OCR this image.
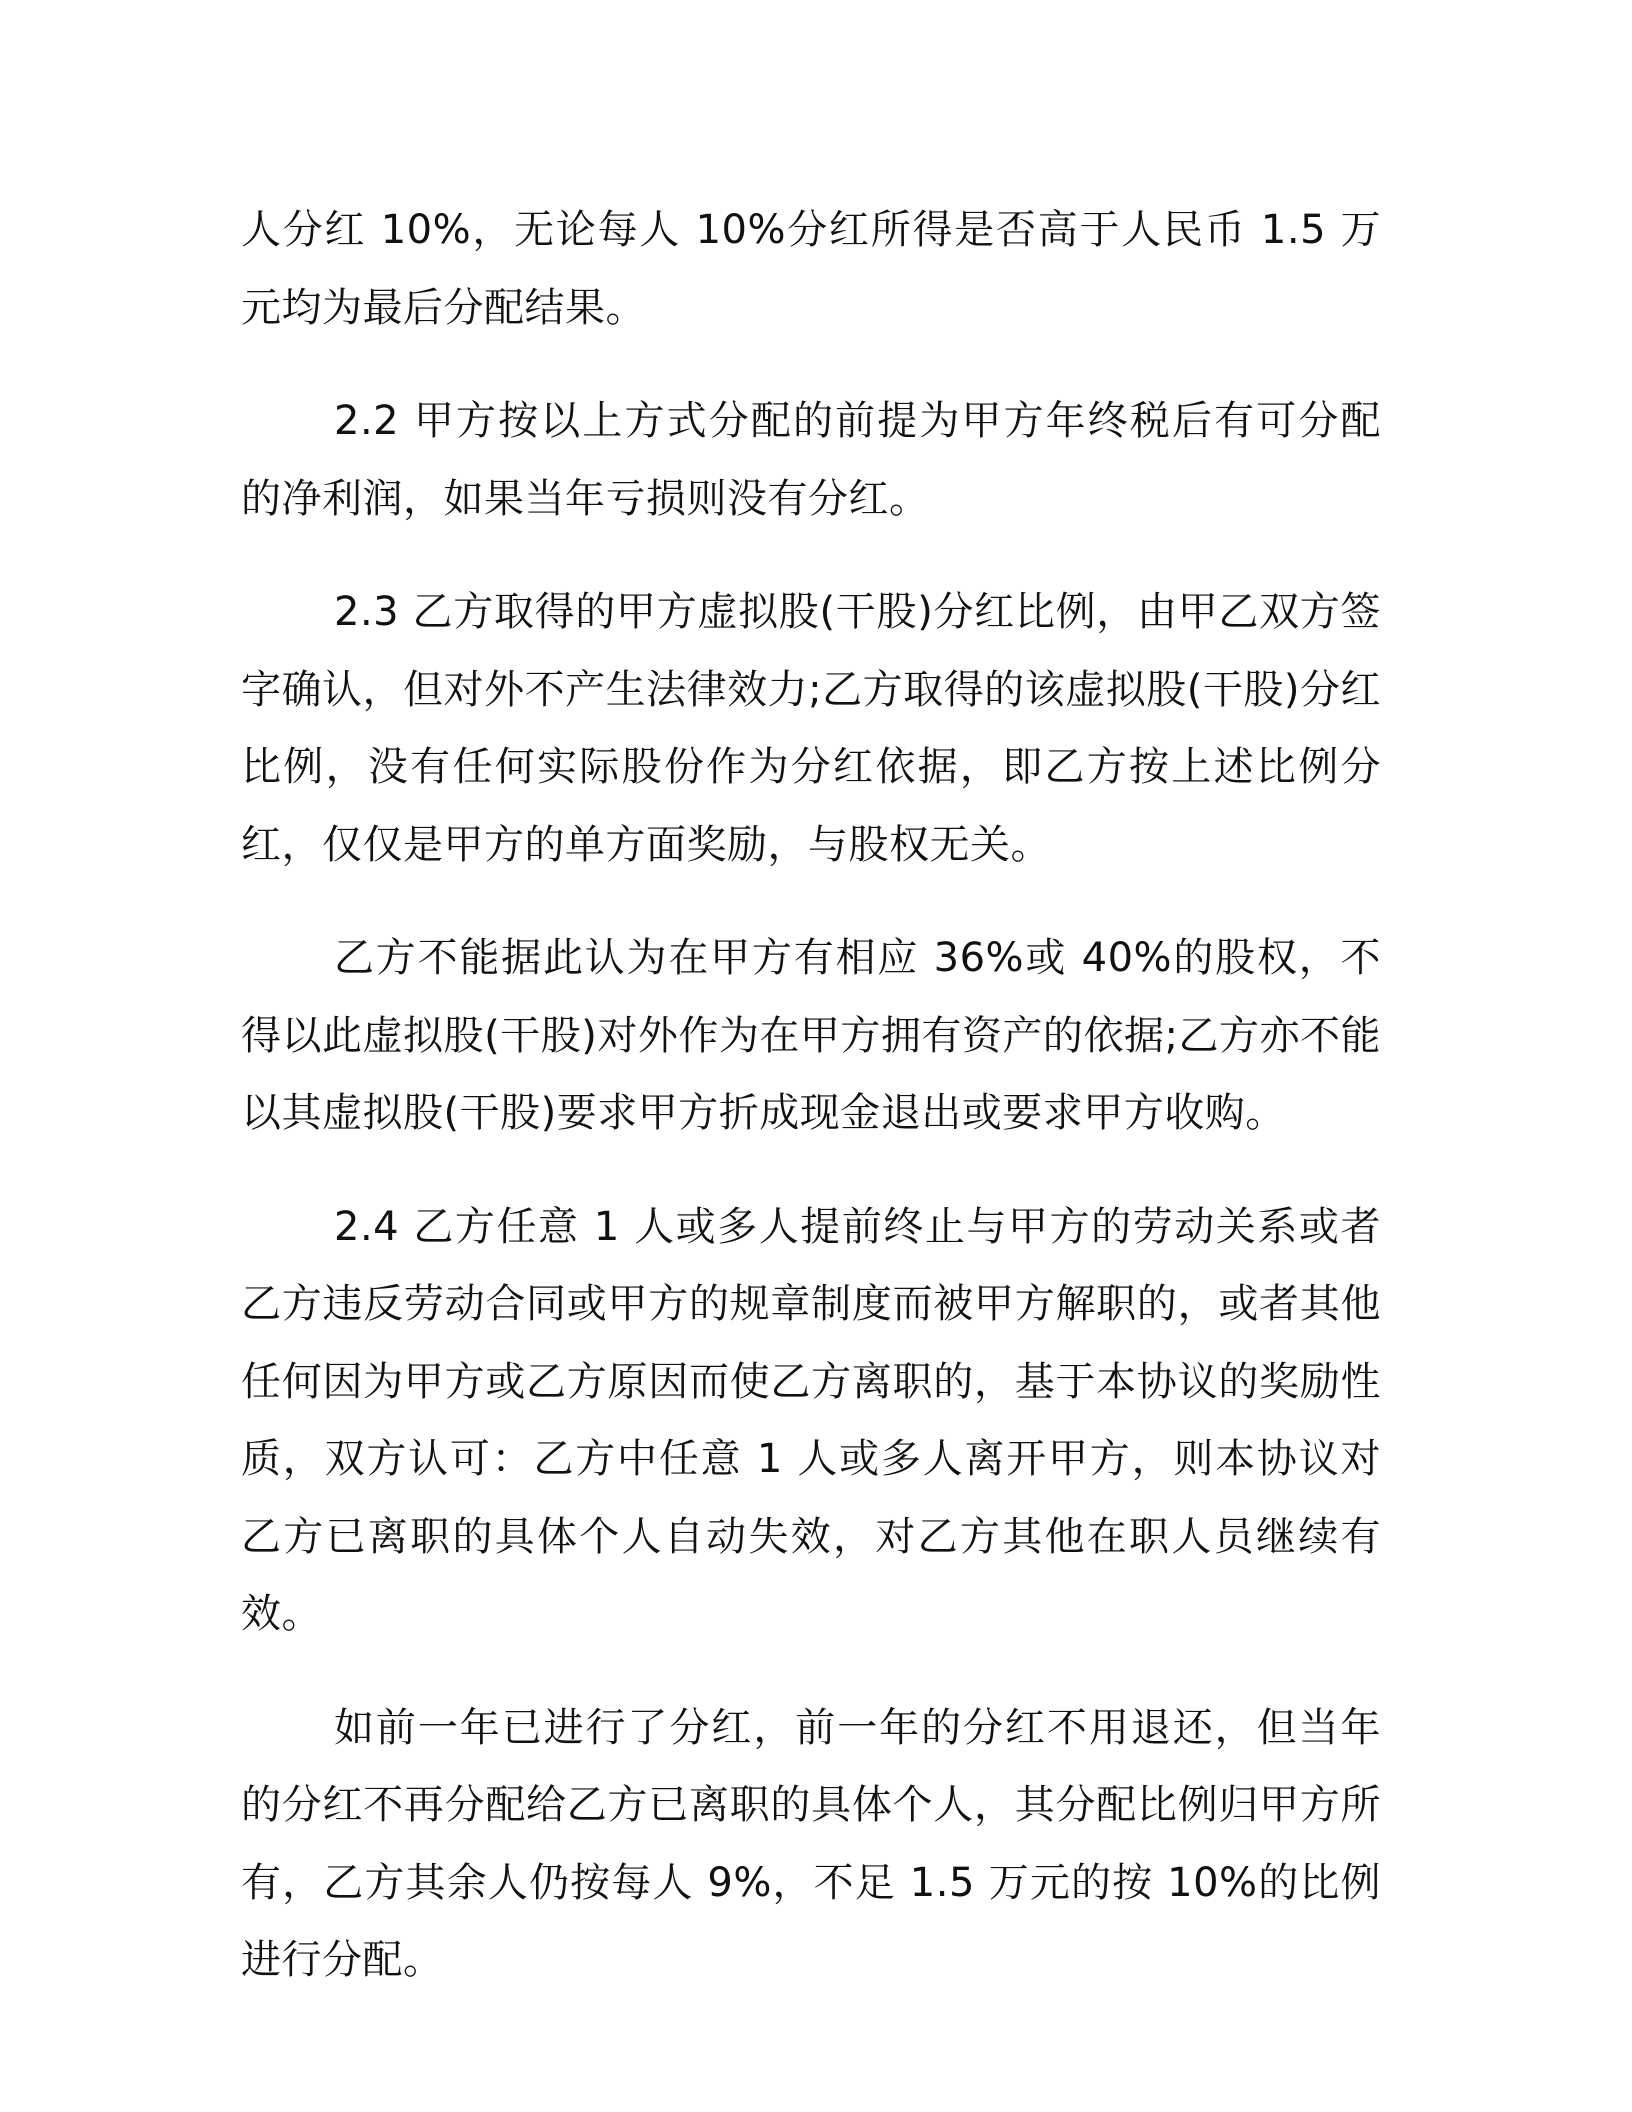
人分红 10%，无论每人 10%分红所得是否高于人民币 1.5 万元均为最后分配结果。

2.2 甲方按以上方式分配的前提为甲方年终税后有可分配的净利润，如果当年亏损则没有分红。

2.3 乙方取得的甲方虚拟股(干股)分红比例，由甲乙双方签字确认，但对外不产生法律效力;乙方取得的该虚拟股(干股)分红比例，没有任何实际股份作为分红依据，即乙方按上述比例分红，仅仅是甲方的单方面奖励，与股权无关。

乙方不能据此认为在甲方有相应 36%或 40%的股权，不得以此虚拟股(干股)对外作为在甲方拥有资产的依据;乙方亦不能以其虚拟股(干股)要求甲方折成现金退出或要求甲方收购。

2.4 乙方任意 1 人或多人提前终止与甲方的劳动关系或者乙方违反劳动合同或甲方的规章制度而被甲方解职的，或者其他任何因为甲方或乙方原因而使乙方离职的，基于本协议的奖励性质，双方认可：乙方中任意 1 人或多人离开甲方，则本协议对乙方已离职的具体个人自动失效，对乙方其他在职人员继续有效。

如前一年已进行了分红，前一年的分红不用退还，但当年的分红不再分配给乙方已离职的具体个人，其分配比例归甲方所有，乙方其余人仍按每人 9%，不足 1.5 万元的按 10%的比例进行分配。
